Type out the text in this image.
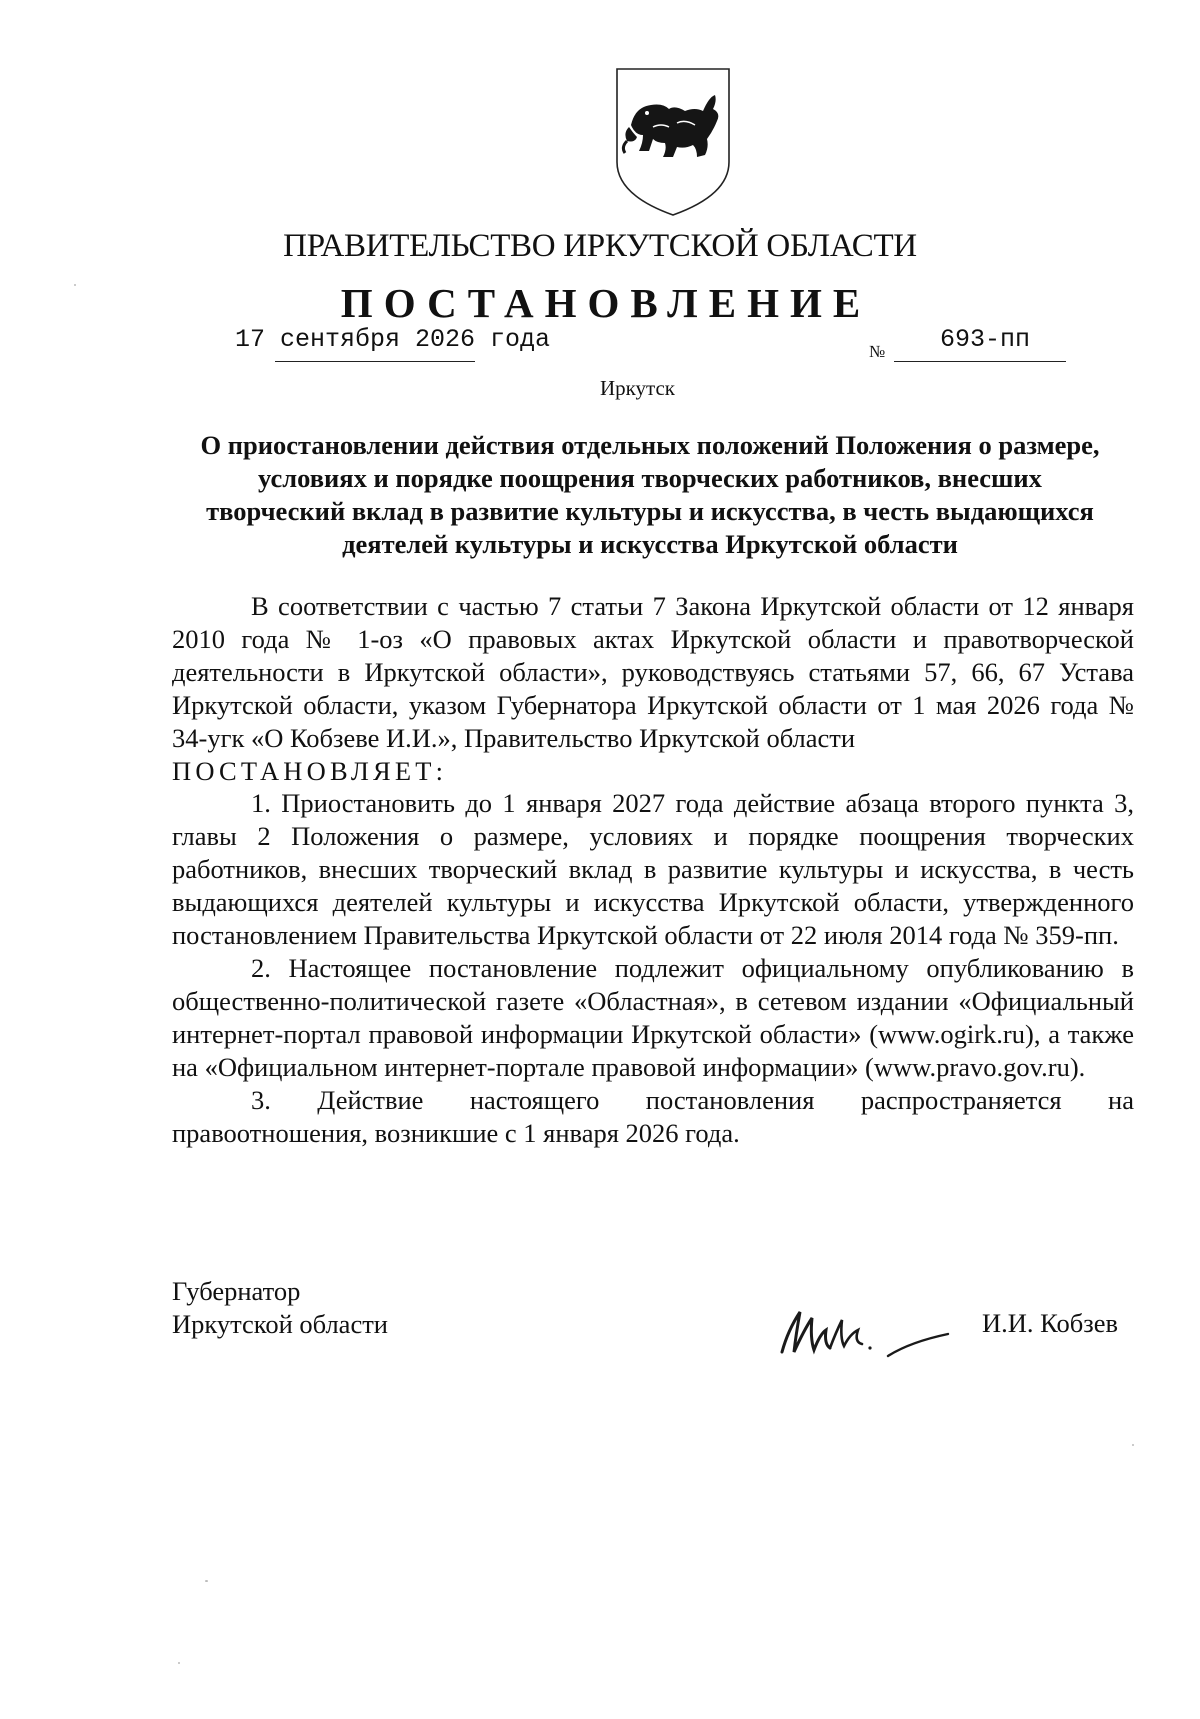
ПРАВИТЕЛЬСТВО ИРКУТСКОЙ ОБЛАСТИ
ПОСТАНОВЛЕНИЕ
17 сентября 2026 года	№ 693-пп
Иркутск
О приостановлении действия отдельных положений Положения о размере,
условиях и порядке поощрения творческих работников, внесших
творческий вклад в развитие культуры и искусства, в честь выдающихся
деятелей культуры и искусства Иркутской области

В соответствии с частью 7 статьи 7 Закона Иркутской области от 12 января 2010 года № 1-оз «О правовых актах Иркутской области и правотворческой деятельности в Иркутской области», руководствуясь статьями 57, 66, 67 Устава Иркутской области, указом Губернатора Иркутской области от 1 мая 2026 года № 34-угк «О Кобзеве И.И.», Правительство Иркутской области

ПОСТАНОВЛЯЕТ:

1. Приостановить до 1 января 2027 года действие абзаца второго пункта 3, главы 2 Положения о размере, условиях и порядке поощрения творческих работников, внесших творческий вклад в развитие культуры и искусства, в честь выдающихся деятелей культуры и искусства Иркутской области, утвержденного постановлением Правительства Иркутской области от 22 июля 2014 года № 359-пп.

2. Настоящее постановление подлежит официальному опубликованию в общественно-политической газете «Областная», в сетевом издании «Официальный интернет-портал правовой информации Иркутской области» (www.ogirk.ru), а также на «Официальном интернет-портале правовой информации» (www.pravo.gov.ru).

3. Действие настоящего постановления распространяется на правоотношения, возникшие с 1 января 2026 года.

Губернатор
Иркутской области	И.И. Кобзев
